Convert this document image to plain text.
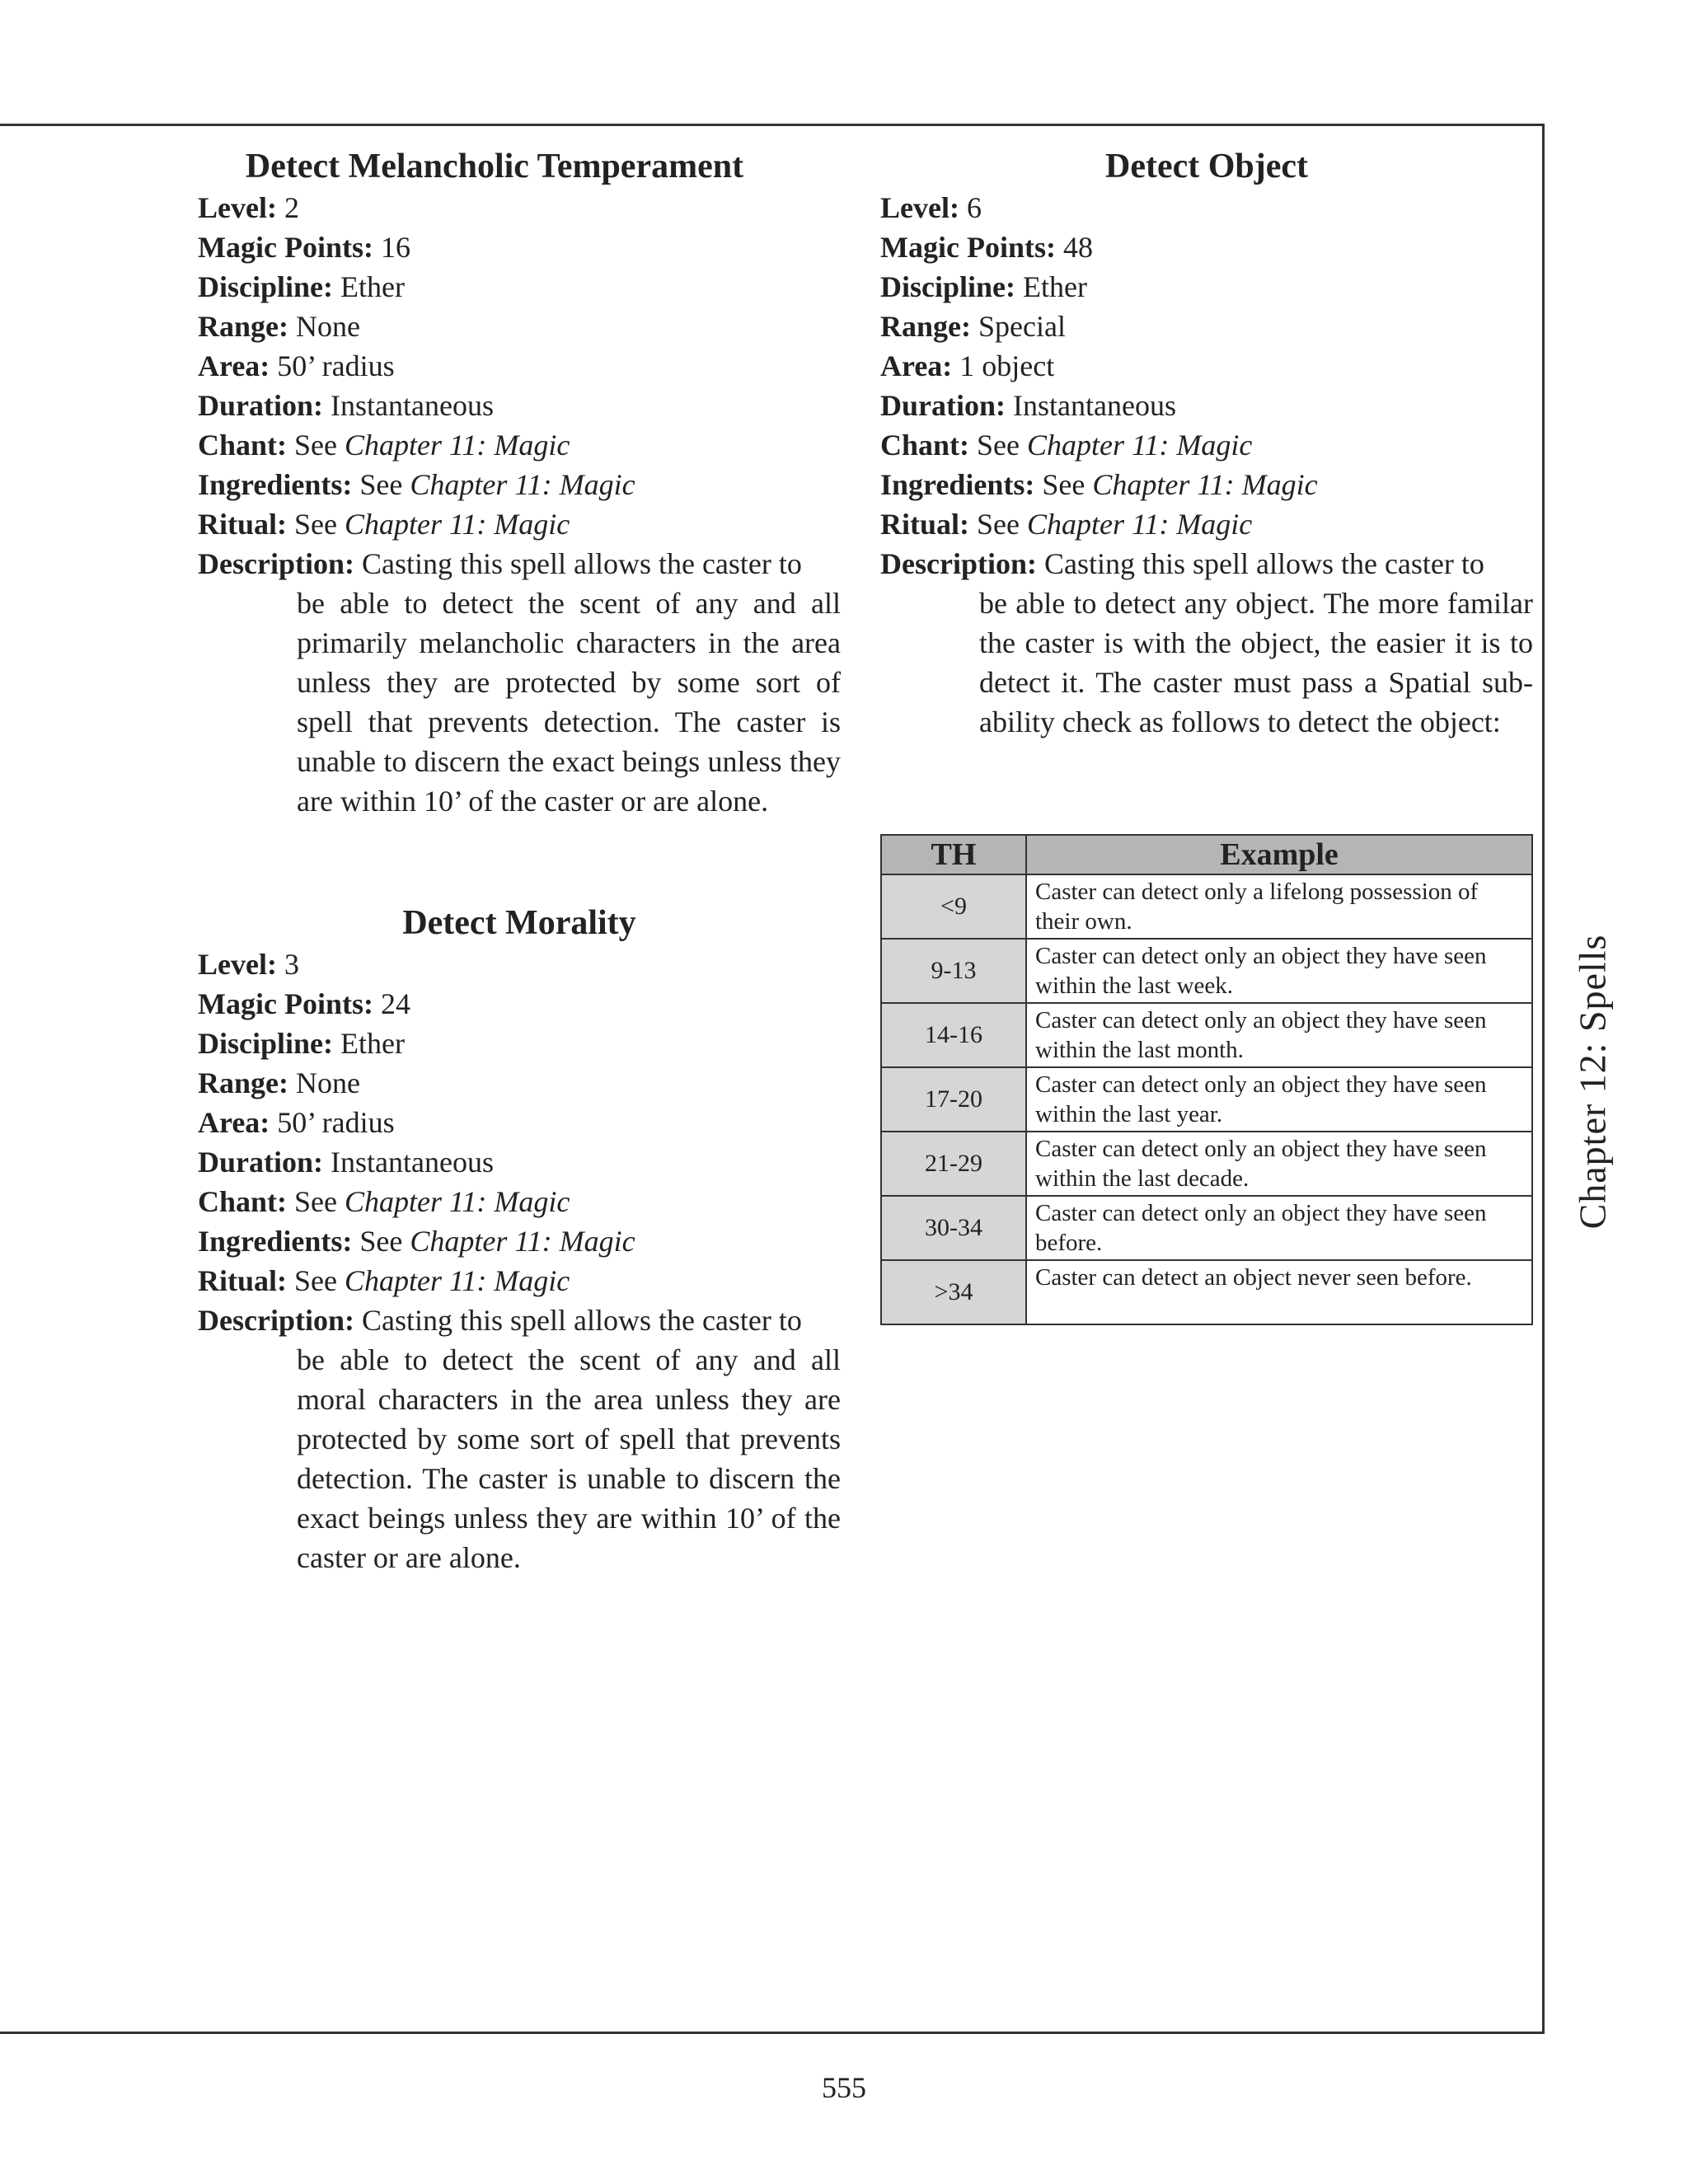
Detect Melancholic Temperament

Level: 2

Magic Points: 16

Discipline: Ether

Range: None

Area: 50’ radius

Duration: Instantaneous

Chant: See Chapter 11: Magic

Ingredients: See Chapter 11: Magic

Ritual: See Chapter 11: Magic

Description: Casting this spell allows the caster to
be able to detect the scent of any and all primarily melancholic characters in the area unless they are protected by some sort of spell that prevents detection. The caster is unable to discern the exact beings unless they are within 10’ of the caster or are alone.

Detect Morality

Level: 3

Magic Points: 24

Discipline: Ether

Range: None

Area: 50’ radius

Duration: Instantaneous

Chant: See Chapter 11: Magic

Ingredients: See Chapter 11: Magic

Ritual: See Chapter 11: Magic

Description: Casting this spell allows the caster to
be able to detect the scent of any and all moral characters in the area unless they are protected by some sort of spell that prevents detection. The caster is unable to discern the exact beings unless they are within 10’ of the caster or are alone.

Detect Object

Level: 6

Magic Points: 48

Discipline: Ether

Range: Special

Area: 1 object

Duration: Instantaneous

Chant: See Chapter 11: Magic

Ingredients: See Chapter 11: Magic

Ritual: See Chapter 11: Magic

Description: Casting this spell allows the caster to
be able to detect any object. The more familar the caster is with the object, the easier it is to detect it. The caster must pass a Spatial sub-ability check as follows to detect the object:

TH	Example
<9	Caster can detect only a lifelong possession of their own.
9-13	Caster can detect only an object they have seen within the last week.
14-16	Caster can detect only an object they have seen within the last month.
17-20	Caster can detect only an object they have seen within the last year.
21-29	Caster can detect only an object they have seen within the last decade.
30-34	Caster can detect only an object they have seen before.
>34	Caster can detect an object never seen before.
Chapter 12: Spells
555
